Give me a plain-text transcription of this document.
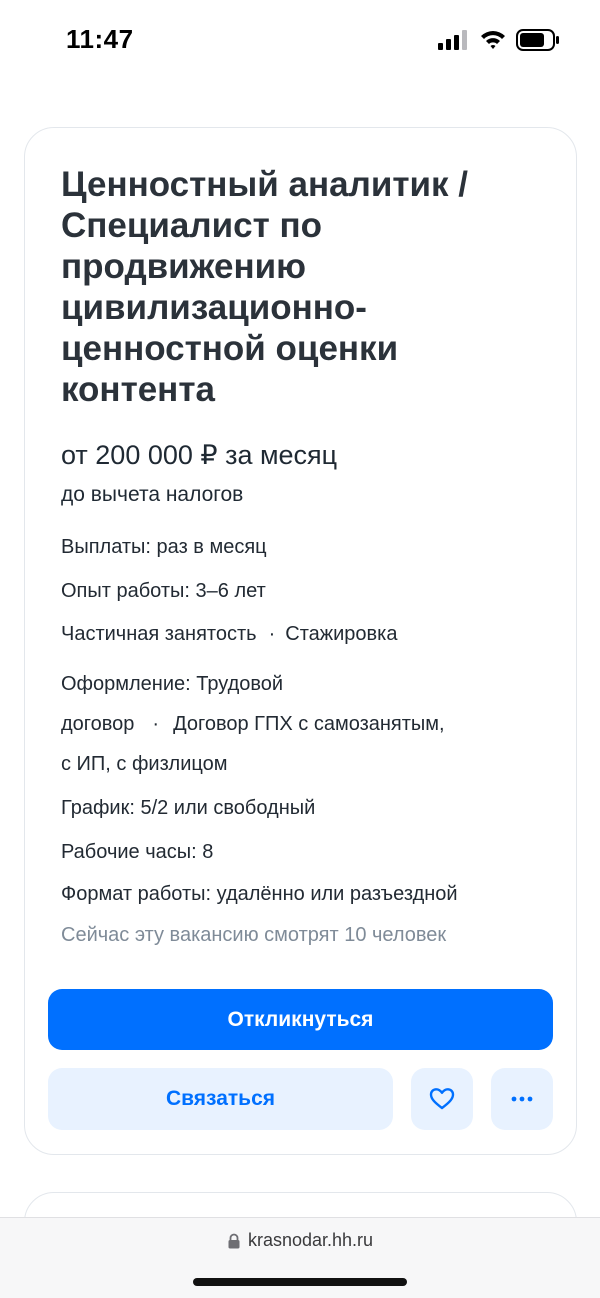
11:47
Ценностный аналитик /
Специалист по
продвижению
цивилизационно-
ценностной оценки
контента
от 200 000 ₽ за месяц
до вычета налогов
Выплаты: раз в месяц
Опыт работы: 3–6 лет
Частичная занятость · Стажировка
Оформление: Трудовой
договор · Договор ГПХ с самозанятым,
с ИП, с физлицом
График: 5/2 или свободный
Рабочие часы: 8
Формат работы: удалённо или разъездной
Сейчас эту вакансию смотрят 10 человек
Откликнуться
Связаться
krasnodar.hh.ru
